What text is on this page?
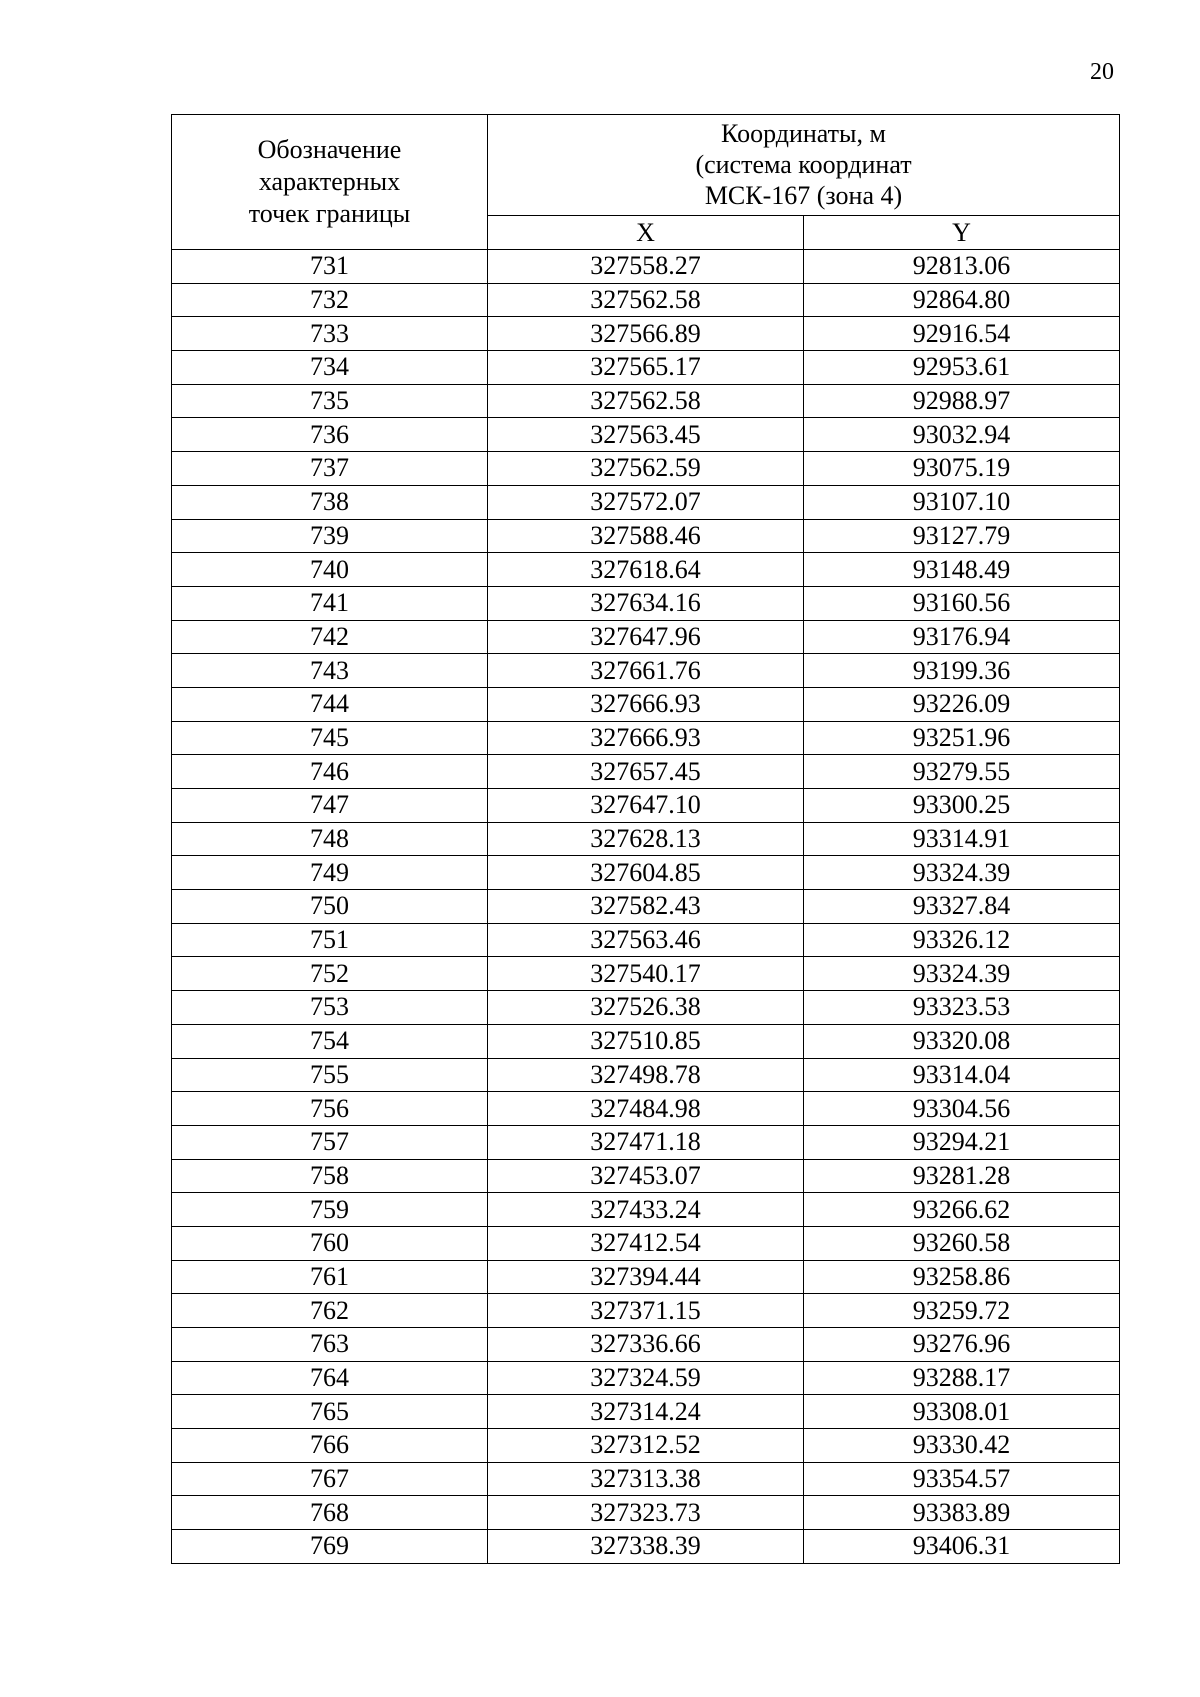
20
Обозначение
характерных
точек границы	Координаты, м
(система координат
МСК-167 (зона 4)	
	X	Y
731	327558.27	92813.06
732	327562.58	92864.80
733	327566.89	92916.54
734	327565.17	92953.61
735	327562.58	92988.97
736	327563.45	93032.94
737	327562.59	93075.19
738	327572.07	93107.10
739	327588.46	93127.79
740	327618.64	93148.49
741	327634.16	93160.56
742	327647.96	93176.94
743	327661.76	93199.36
744	327666.93	93226.09
745	327666.93	93251.96
746	327657.45	93279.55
747	327647.10	93300.25
748	327628.13	93314.91
749	327604.85	93324.39
750	327582.43	93327.84
751	327563.46	93326.12
752	327540.17	93324.39
753	327526.38	93323.53
754	327510.85	93320.08
755	327498.78	93314.04
756	327484.98	93304.56
757	327471.18	93294.21
758	327453.07	93281.28
759	327433.24	93266.62
760	327412.54	93260.58
761	327394.44	93258.86
762	327371.15	93259.72
763	327336.66	93276.96
764	327324.59	93288.17
765	327314.24	93308.01
766	327312.52	93330.42
767	327313.38	93354.57
768	327323.73	93383.89
769	327338.39	93406.31
